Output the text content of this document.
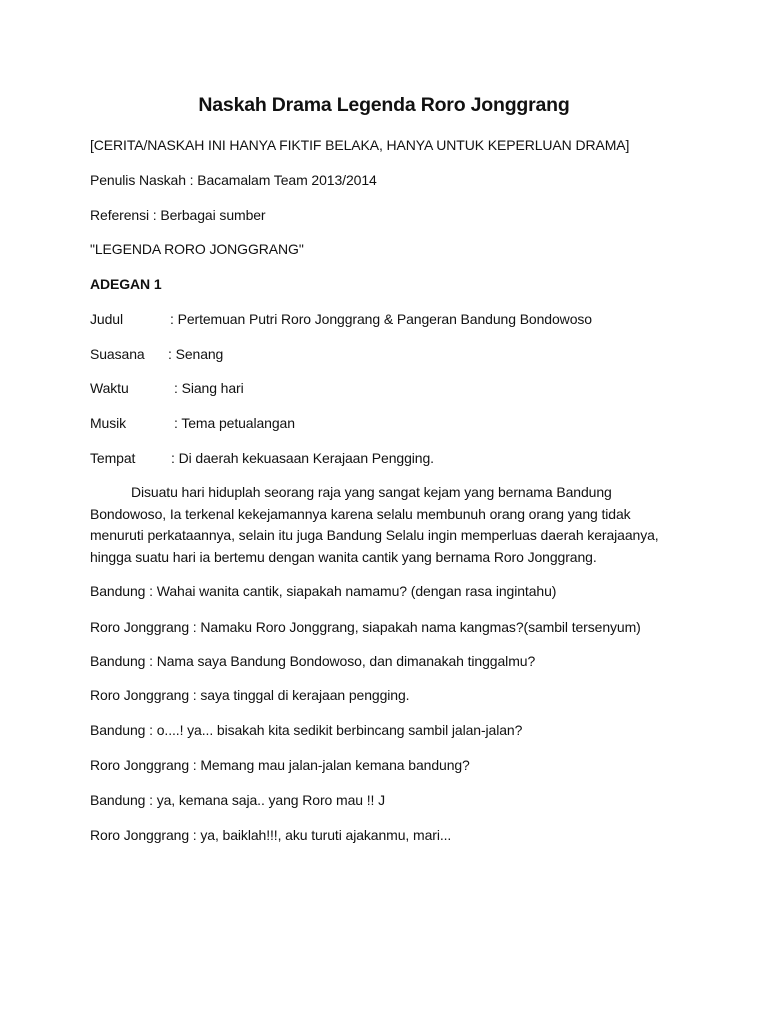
Naskah Drama Legenda Roro Jonggrang
[CERITA/NASKAH INI HANYA FIKTIF BELAKA, HANYA UNTUK KEPERLUAN DRAMA]
Penulis Naskah : Bacamalam Team 2013/2014
Referensi : Berbagai sumber
"LEGENDA RORO JONGGRANG"
ADEGAN 1
Judul	: Pertemuan Putri Roro Jonggrang & Pangeran Bandung Bondowoso
Suasana : Senang
Waktu	: Siang hari
Musik	: Tema petualangan
Tempat	: Di daerah kekuasaan Kerajaan Pengging.
Disuatu hari hiduplah seorang raja yang sangat kejam yang bernama Bandung
Bondowoso, Ia terkenal kekejamannya karena selalu membunuh orang orang yang tidak
menuruti perkataannya, selain itu juga Bandung Selalu ingin memperluas daerah kerajaanya,
hingga suatu hari ia bertemu dengan wanita cantik yang bernama Roro Jonggrang.
Bandung : Wahai wanita cantik, siapakah namamu? (dengan rasa ingintahu)
Roro Jonggrang : Namaku Roro Jonggrang, siapakah nama kangmas?(sambil tersenyum)
Bandung : Nama saya Bandung Bondowoso, dan dimanakah tinggalmu?
Roro Jonggrang : saya tinggal di kerajaan pengging.
Bandung : o....! ya... bisakah kita sedikit berbincang sambil jalan-jalan?
Roro Jonggrang : Memang mau jalan-jalan kemana bandung?
Bandung : ya, kemana saja.. yang Roro mau !! J
Roro Jonggrang : ya, baiklah!!!, aku turuti ajakanmu, mari...
